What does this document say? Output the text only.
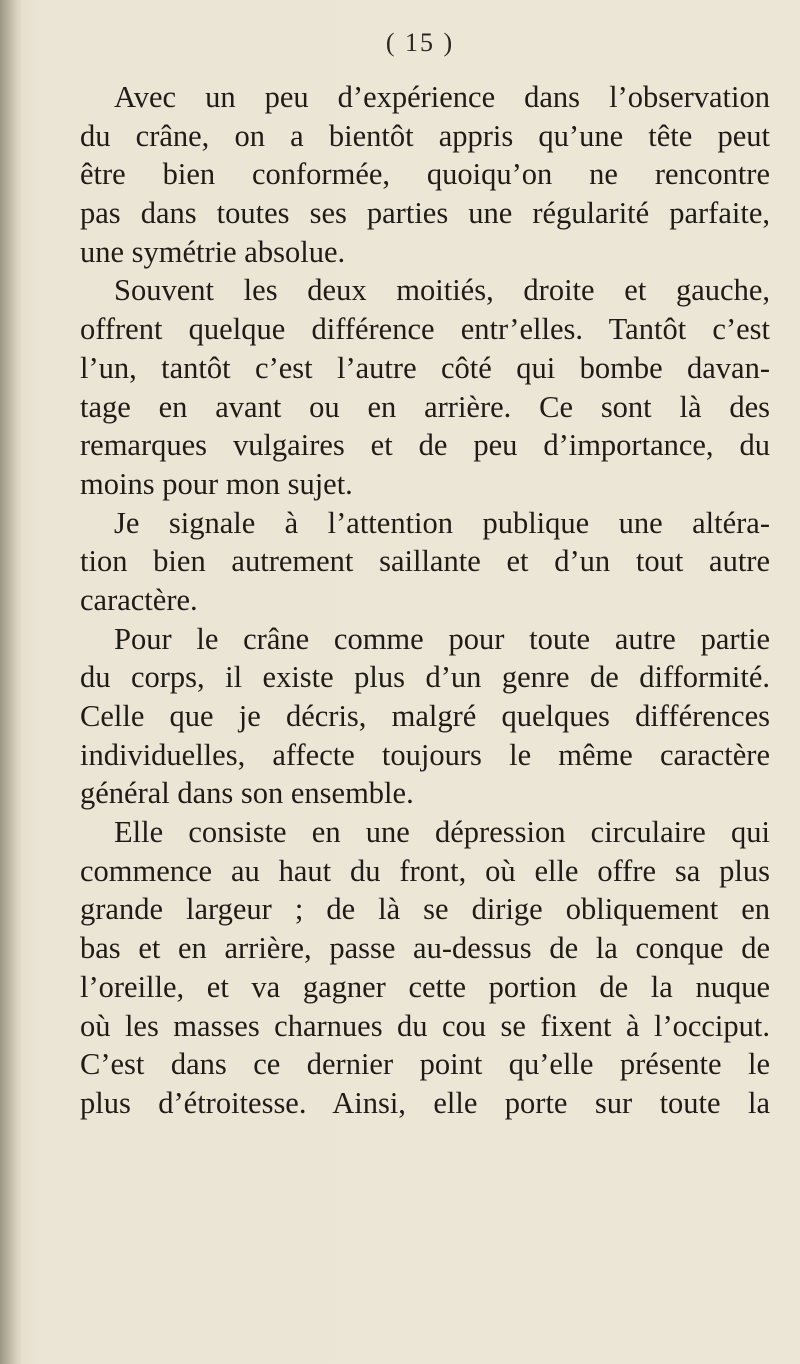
( 15 )
Avec un peu d’expérience dans l’observation
du crâne, on a bientôt appris qu’une tête peut
être bien conformée, quoiqu’on ne rencontre
pas dans toutes ses parties une régularité parfaite,
une symétrie absolue.
Souvent les deux moitiés, droite et gauche,
offrent quelque différence entr’elles. Tantôt c’est
l’un, tantôt c’est l’autre côté qui bombe davan-
tage en avant ou en arrière. Ce sont là des
remarques vulgaires et de peu d’importance, du
moins pour mon sujet.
Je signale à l’attention publique une altéra-
tion bien autrement saillante et d’un tout autre
caractère.
Pour le crâne comme pour toute autre partie
du corps, il existe plus d’un genre de difformité.
Celle que je décris, malgré quelques différences
individuelles, affecte toujours le même caractère
général dans son ensemble.
Elle consiste en une dépression circulaire qui
commence au haut du front, où elle offre sa plus
grande largeur ; de là se dirige obliquement en
bas et en arrière, passe au-dessus de la conque de
l’oreille, et va gagner cette portion de la nuque
où les masses charnues du cou se fixent à l’occiput.
C’est dans ce dernier point qu’elle présente le
plus d’étroitesse. Ainsi, elle porte sur toute la
